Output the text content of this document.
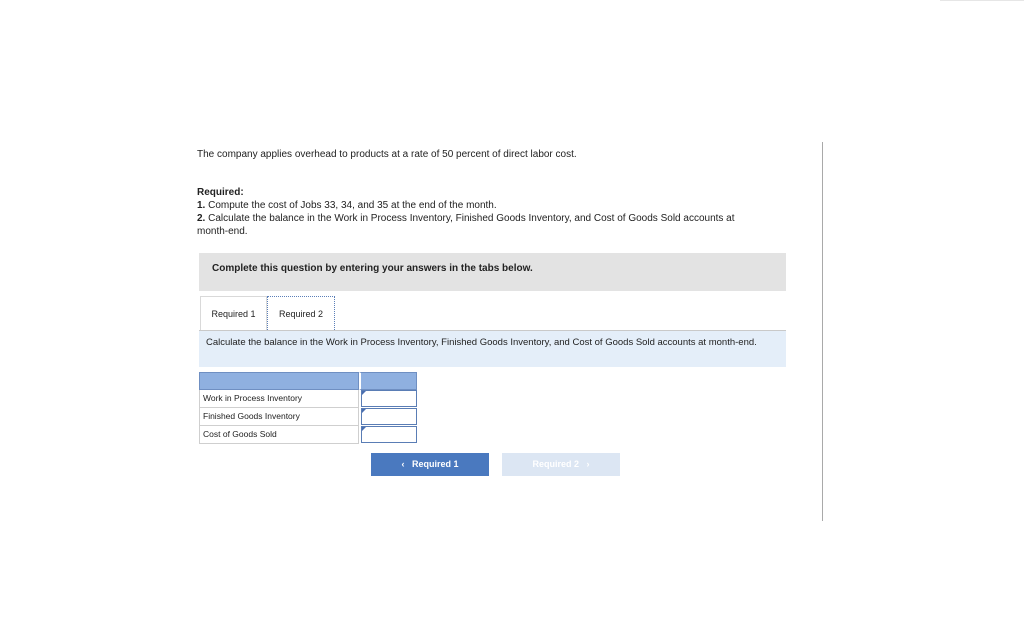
The company applies overhead to products at a rate of 50 percent of direct labor cost.
Required:
1. Compute the cost of Jobs 33, 34, and 35 at the end of the month.
2. Calculate the balance in the Work in Process Inventory, Finished Goods Inventory, and Cost of Goods Sold accounts at month-end.
Complete this question by entering your answers in the tabs below.
Required 1	Required 2
Calculate the balance in the Work in Process Inventory, Finished Goods Inventory, and Cost of Goods Sold accounts at month-end.
Work in Process Inventory
Finished Goods Inventory
Cost of Goods Sold
‹ Required 1	Required 2 ›
